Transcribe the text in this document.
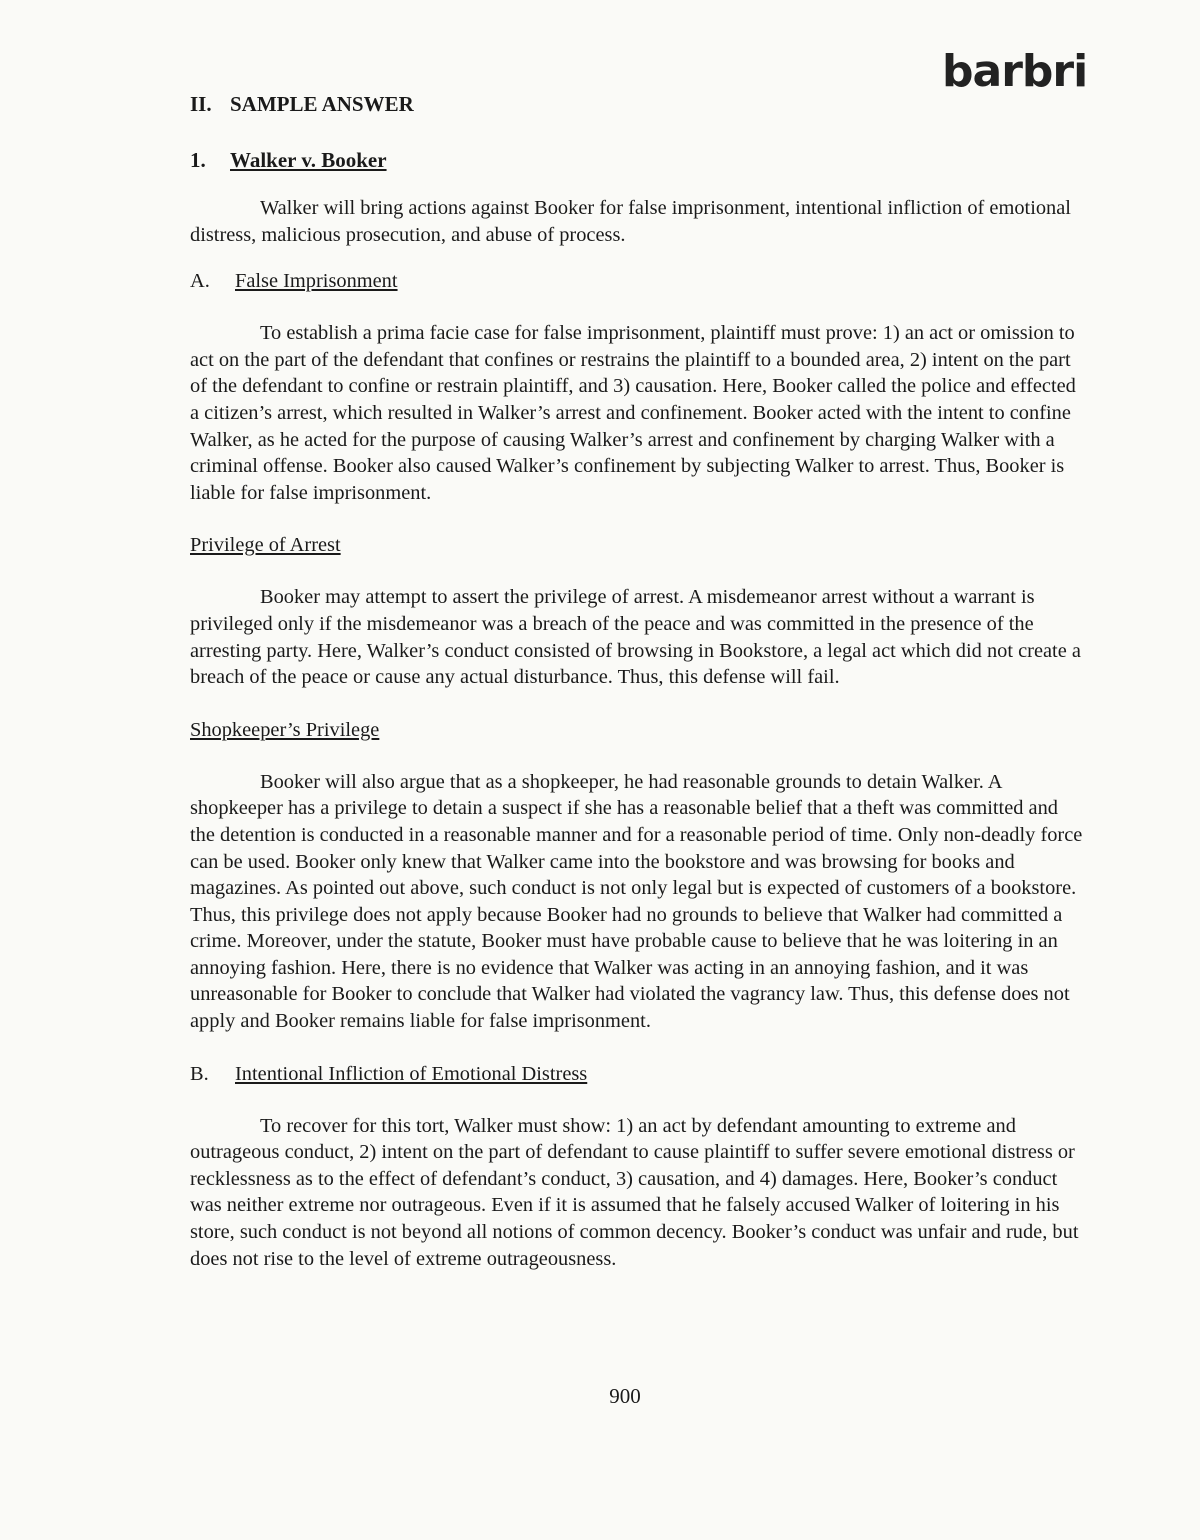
barbri
II. SAMPLE ANSWER
1. Walker v. Booker

Walker will bring actions against Booker for false imprisonment, intentional infliction of emotional distress, malicious prosecution, and abuse of process.

A. False Imprisonment

To establish a prima facie case for false imprisonment, plaintiff must prove: 1) an act or omission to act on the part of the defendant that confines or restrains the plaintiff to a bounded area, 2) intent on the part of the defendant to confine or restrain plaintiff, and 3) causation. Here, Booker called the police and effected a citizen’s arrest, which resulted in Walker’s arrest and confinement. Booker acted with the intent to confine Walker, as he acted for the purpose of causing Walker’s arrest and confinement by charging Walker with a criminal offense. Booker also caused Walker’s confinement by subjecting Walker to arrest. Thus, Booker is liable for false imprisonment.

Privilege of Arrest

Booker may attempt to assert the privilege of arrest. A misdemeanor arrest without a warrant is privileged only if the misdemeanor was a breach of the peace and was committed in the presence of the arresting party. Here, Walker’s conduct consisted of browsing in Bookstore, a legal act which did not create a breach of the peace or cause any actual disturbance. Thus, this defense will fail.

Shopkeeper’s Privilege

Booker will also argue that as a shopkeeper, he had reasonable grounds to detain Walker. A shopkeeper has a privilege to detain a suspect if she has a reasonable belief that a theft was committed and the detention is conducted in a reasonable manner and for a reasonable period of time. Only non-deadly force can be used. Booker only knew that Walker came into the bookstore and was browsing for books and magazines. As pointed out above, such conduct is not only legal but is expected of customers of a bookstore. Thus, this privilege does not apply because Booker had no grounds to believe that Walker had committed a crime. Moreover, under the statute, Booker must have probable cause to believe that he was loitering in an annoying fashion. Here, there is no evidence that Walker was acting in an annoying fashion, and it was unreasonable for Booker to conclude that Walker had violated the vagrancy law. Thus, this defense does not apply and Booker remains liable for false imprisonment.

B. Intentional Infliction of Emotional Distress

To recover for this tort, Walker must show: 1) an act by defendant amounting to extreme and outrageous conduct, 2) intent on the part of defendant to cause plaintiff to suffer severe emotional distress or recklessness as to the effect of defendant’s conduct, 3) causation, and 4) damages. Here, Booker’s conduct was neither extreme nor outrageous. Even if it is assumed that he falsely accused Walker of loitering in his store, such conduct is not beyond all notions of common decency. Booker’s conduct was unfair and rude, but does not rise to the level of extreme outrageousness.

900
